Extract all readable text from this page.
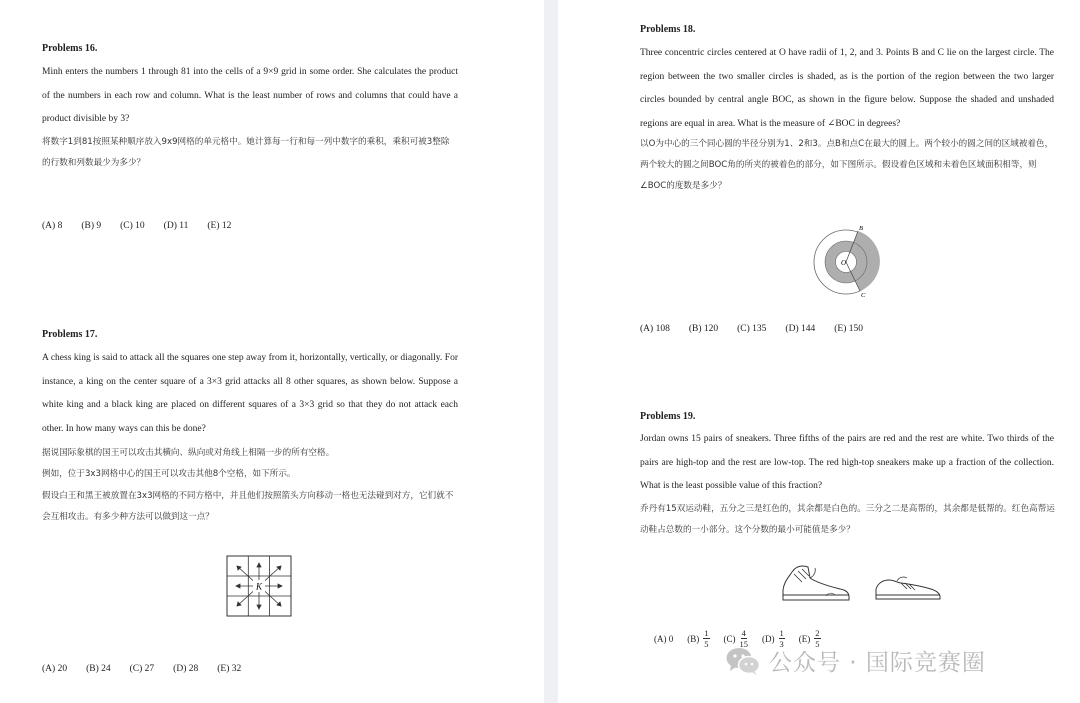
Problems 16.
Minh enters the numbers 1 through 81 into the cells of a 9×9 grid in some order. She calculates the product of the numbers in each row and column. What is the least number of rows and columns that could have a product divisible by 3?
将数字1到81按照某种顺序放入9x9网格的单元格中。她计算每一行和每一列中数字的乘积，乘积可被3整除的行数和列数最少为多少？
(A) 8 (B) 9 (C) 10 (D) 11 (E) 12
Problems 17.
A chess king is said to attack all the squares one step away from it, horizontally, vertically, or diagonally. For instance, a king on the center square of a 3×3 grid attacks all 8 other squares, as shown below. Suppose a white king and a black king are placed on different squares of a 3×3 grid so that they do not attack each other. In how many ways can this be done?
据说国际象棋的国王可以攻击其横向、纵向或对角线上相隔一步的所有空格。
例如，位于3x3网格中心的国王可以攻击其他8个空格，如下所示。
假设白王和黑王被放置在3x3网格的不同方格中，并且他们按照箭头方向移动一格也无法碰到对方，它们就不会互相攻击。有多少种方法可以做到这一点？
K
(A) 20 (B) 24 (C) 27 (D) 28 (E) 32
Problems 18.
Three concentric circles centered at O have radii of 1, 2, and 3. Points B and C lie on the largest circle. The region between the two smaller circles is shaded, as is the portion of the region between the two larger circles bounded by central angle BOC, as shown in the figure below. Suppose the shaded and unshaded regions are equal in area. What is the measure of ∠BOC in degrees?
以O为中心的三个同心圆的半径分别为1、2和3。点B和点C在最大的圆上。两个较小的圆之间的区域被着色，两个较大的圆之间BOC角的所夹的被着色的部分，如下图所示。假设着色区域和未着色区域面积相等，则∠BOC的度数是多少？
O
B
C
(A) 108 (B) 120 (C) 135 (D) 144 (E) 150
Problems 19.
Jordan owns 15 pairs of sneakers. Three fifths of the pairs are red and the rest are white. Two thirds of the pairs are high-top and the rest are low-top. The red high-top sneakers make up a fraction of the collection. What is the least possible value of this fraction?
乔丹有15双运动鞋，五分之三是红色的，其余都是白色的。三分之二是高帮的，其余都是低帮的。红色高帮运动鞋占总数的一小部分。这个分数的最小可能值是多少？
(A) 0 $(B) \frac{1}{5} (C) \frac{4}{15} (D) \frac{1}{3} (E) \frac{2}{5}$
公众号 · 国际竞赛圈
